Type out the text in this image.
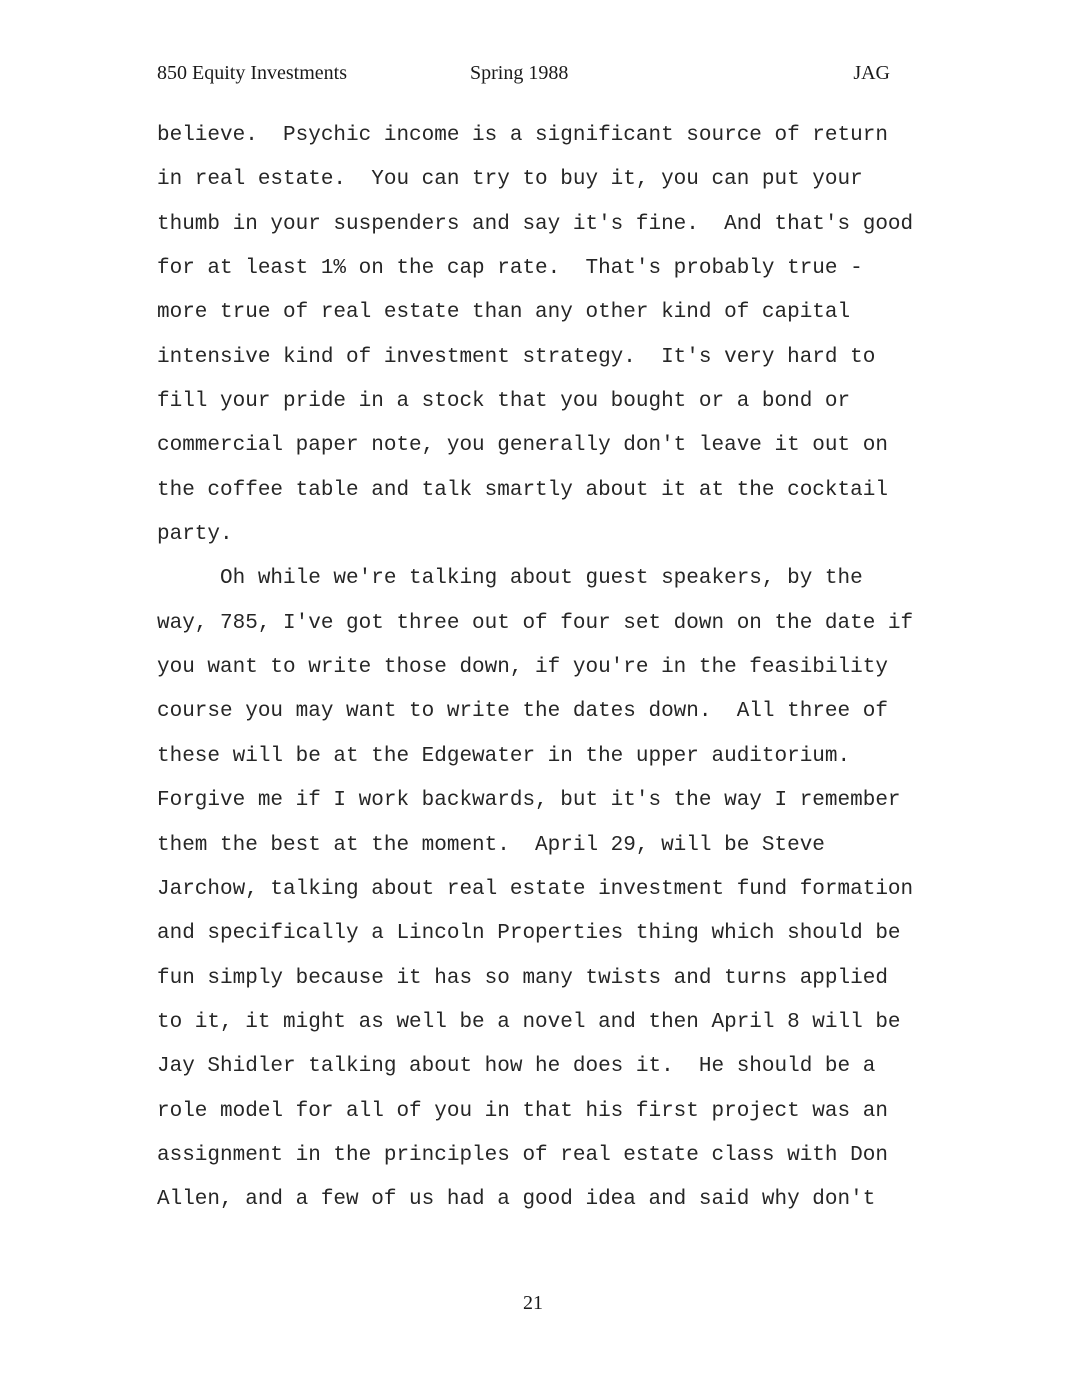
850 Equity Investments	Spring 1988	JAG
believe.  Psychic income is a significant source of return
in real estate.  You can try to buy it, you can put your
thumb in your suspenders and say it's fine.  And that's good
for at least 1% on the cap rate.  That's probably true -
more true of real estate than any other kind of capital
intensive kind of investment strategy.  It's very hard to
fill your pride in a stock that you bought or a bond or
commercial paper note, you generally don't leave it out on
the coffee table and talk smartly about it at the cocktail
party.
Oh while we're talking about guest speakers, by the
way, 785, I've got three out of four set down on the date if
you want to write those down, if you're in the feasibility
course you may want to write the dates down.  All three of
these will be at the Edgewater in the upper auditorium.
Forgive me if I work backwards, but it's the way I remember
them the best at the moment.  April 29, will be Steve
Jarchow, talking about real estate investment fund formation
and specifically a Lincoln Properties thing which should be
fun simply because it has so many twists and turns applied
to it, it might as well be a novel and then April 8 will be
Jay Shidler talking about how he does it.  He should be a
role model for all of you in that his first project was an
assignment in the principles of real estate class with Don
Allen, and a few of us had a good idea and said why don't
21
